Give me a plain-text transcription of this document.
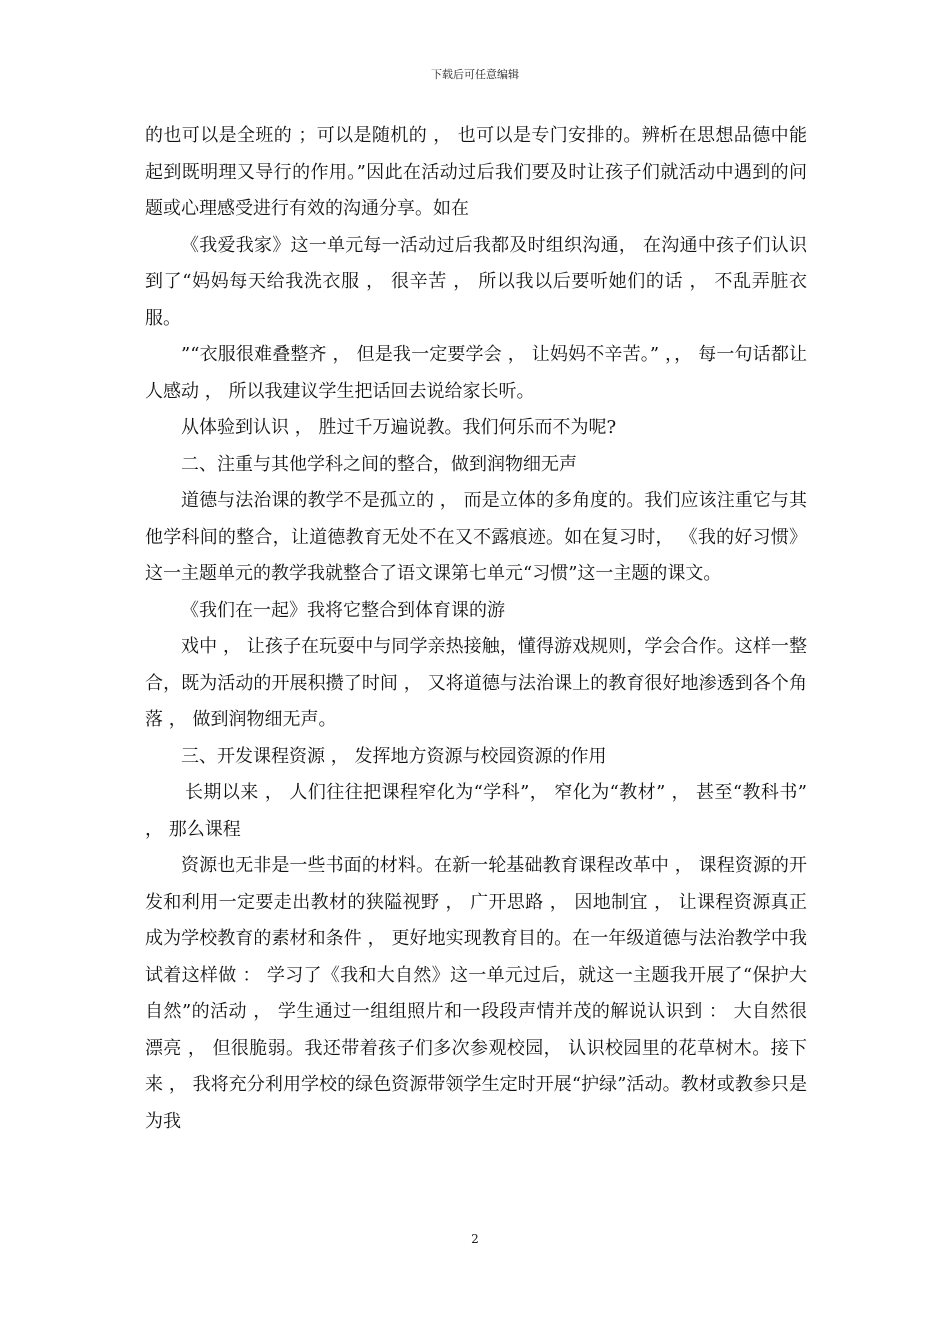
下载后可任意编辑

的也可以是全班的 ；可以是随机的 ， 也可以是专门安排的。辨析在思想品德中能起到既明理又导行的作用。”因此在活动过后我们要及时让孩子们就活动中遇到的问题或心理感受进行有效的沟通分享。如在

《我爱我家》这一单元每一活动过后我都及时组织沟通， 在沟通中孩子们认识到了“妈妈每天给我洗衣服 ， 很辛苦 ， 所以我以后要听她们的话 ， 不乱弄脏衣服。

”“衣服很难叠整齐 ， 但是我一定要学会 ， 让妈妈不辛苦。” ，， 每一句话都让人感动 ， 所以我建议学生把话回去说给家长听。

从体验到认识 ， 胜过千万遍说教。我们何乐而不为呢?

二、注重与其他学科之间的整合，做到润物细无声

道德与法治课的教学不是孤立的 ， 而是立体的多角度的。我们应该注重它与其他学科间的整合，让道德教育无处不在又不露痕迹。如在复习时， 《我的好习惯》这一主题单元的教学我就整合了语文课第七单元“习惯”这一主题的课文。

《我们在一起》我将它整合到体育课的游

戏中 ， 让孩子在玩耍中与同学亲热接触，懂得游戏规则，学会合作。这样一整合，既为活动的开展积攒了时间 ， 又将道德与法治课上的教育很好地渗透到各个角落 ， 做到润物细无声。

三、开发课程资源 ， 发挥地方资源与校园资源的作用

长期以来 ， 人们往往把课程窄化为“学科”， 窄化为“教材” ， 甚至“教科书” ， 那么课程

资源也无非是一些书面的材料。在新一轮基础教育课程改革中 ， 课程资源的开发和利用一定要走出教材的狭隘视野 ， 广开思路 ， 因地制宜 ， 让课程资源真正成为学校教育的素材和条件 ， 更好地实现教育目的。在一年级道德与法治教学中我试着这样做 ： 学习了《我和大自然》这一单元过后，就这一主题我开展了“保护大自然”的活动 ， 学生通过一组组照片和一段段声情并茂的解说认识到 ： 大自然很漂亮 ， 但很脆弱。我还带着孩子们多次参观校园， 认识校园里的花草树木。接下来 ， 我将充分利用学校的绿色资源带领学生定时开展“护绿”活动。教材或教参只是为我

2
